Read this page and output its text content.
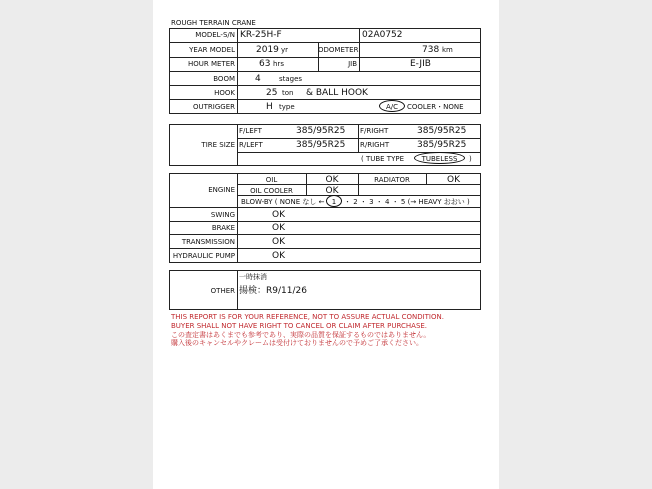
ROUGH TERRAIN CRANE
MODEL-S/N KR-25H-F	02A0752
YEAR MODEL 2019 yr	ODOMETER	738 km
HOUR METER	63 hrs	JIB	E-JIB
BOOM 4	stages
HOOK	25 ton & BALL HOOK
OUTRIGGER	H type	A/C	COOLER・NONE
TIRE SIZE
F/LEFT	385/95R25 F/RIGHT	385/95R25
R/LEFT	385/95R25 R/RIGHT	385/95R25
( TUBE TYPE	TUBELESS	)
ENGINE
OIL	OK	RADIATOR	OK
OIL COOLER	OK
BLOW-BY ( NONE なし ←	1	・ 2 ・ 3 ・ 4 ・ 5 (→ HEAVY おおい )
SWING	OK
BRAKE	OK
TRANSMISSION	OK
HYDRAULIC PUMP	OK
OTHER
一時抹消
揚検：R9/11/26
THIS REPORT IS FOR YOUR REFERENCE, NOT TO ASSURE ACTUAL CONDITION.
BUYER SHALL NOT HAVE RIGHT TO CANCEL OR CLAIM AFTER PURCHASE.
この査定書はあくまでも参考であり、実際の品質を保証するものではありません。
購入後のキャンセルやクレームは受付けておりませんので予めご了承ください。
